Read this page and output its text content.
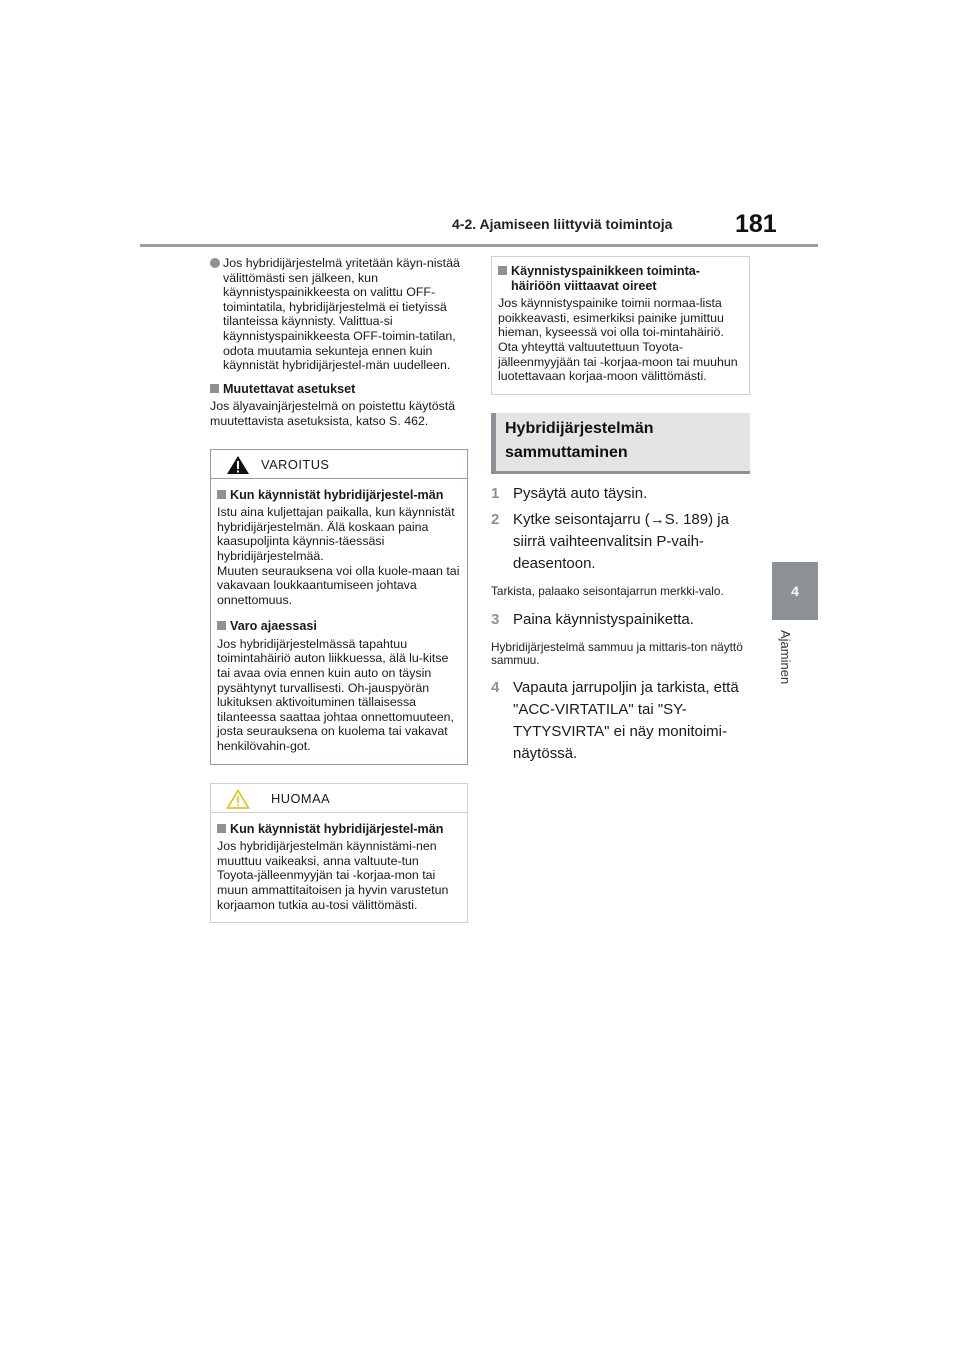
4-2. Ajamiseen liittyviä toimintoja	181
4
Ajaminen
Jos hybridijärjestelmä yritetään käyn-nistää välittömästi sen jälkeen, kun käynnistyspainikkeesta on valittu OFF-toimintatila, hybridijärjestelmä ei tietyissä tilanteissa käynnisty. Valittua-si käynnistyspainikkeesta OFF-toimin-tatilan, odota muutamia sekunteja ennen kuin käynnistät hybridijärjestel-män uudelleen.
Muutettavat asetukset
Jos älyavainjärjestelmä on poistettu käytöstä muutettavista asetuksista, katso S. 462.
VAROITUS
Kun käynnistät hybridijärjestel-män
Istu aina kuljettajan paikalla, kun käynnistät hybridijärjestelmän. Älä koskaan paina kaasupoljinta käynnis-täessäsi hybridijärjestelmää.
Muuten seurauksena voi olla kuole-maan tai vakavaan loukkaantumiseen johtava onnettomuus.
Varo ajaessasi
Jos hybridijärjestelmässä tapahtuu toimintahäiriö auton liikkuessa, älä lu-kitse tai avaa ovia ennen kuin auto on täysin pysähtynyt turvallisesti. Oh-jauspyörän lukituksen aktivoituminen tällaisessa tilanteessa saattaa johtaa onnettomuuteen, josta seurauksena on kuolema tai vakavat henkilövahin-got.
HUOMAA
Kun käynnistät hybridijärjestel-män
Jos hybridijärjestelmän käynnistämi-nen muuttuu vaikeaksi, anna valtuute-tun Toyota-jälleenmyyjän tai -korjaa-mon tai muun ammattitaitoisen ja hyvin varustetun korjaamon tutkia au-tosi välittömästi.
Käynnistyspainikkeen toiminta-häiriöön viittaavat oireet
Jos käynnistyspainike toimii normaa-lista poikkeavasti, esimerkiksi painike jumittuu hieman, kyseessä voi olla toi-mintahäiriö. Ota yhteyttä valtuutettuun Toyota-jälleenmyyjään tai -korjaa-moon tai muuhun luotettavaan korjaa-moon välittömästi.
Hybridijärjestelmän
sammuttaminen
1 Pysäytä auto täysin.
2 Kytke seisontajarru (→S. 189) ja siirrä vaihteenvalitsin P-vaih-deasentoon.
Tarkista, palaako seisontajarrun merkki-valo.
3 Paina käynnistyspainiketta.
Hybridijärjestelmä sammuu ja mittaris-ton näyttö sammuu.
4 Vapauta jarrupoljin ja tarkista, että "ACC-VIRTATILA" tai "SY-TYTYSVIRTA" ei näy monitoimi-näytössä.
